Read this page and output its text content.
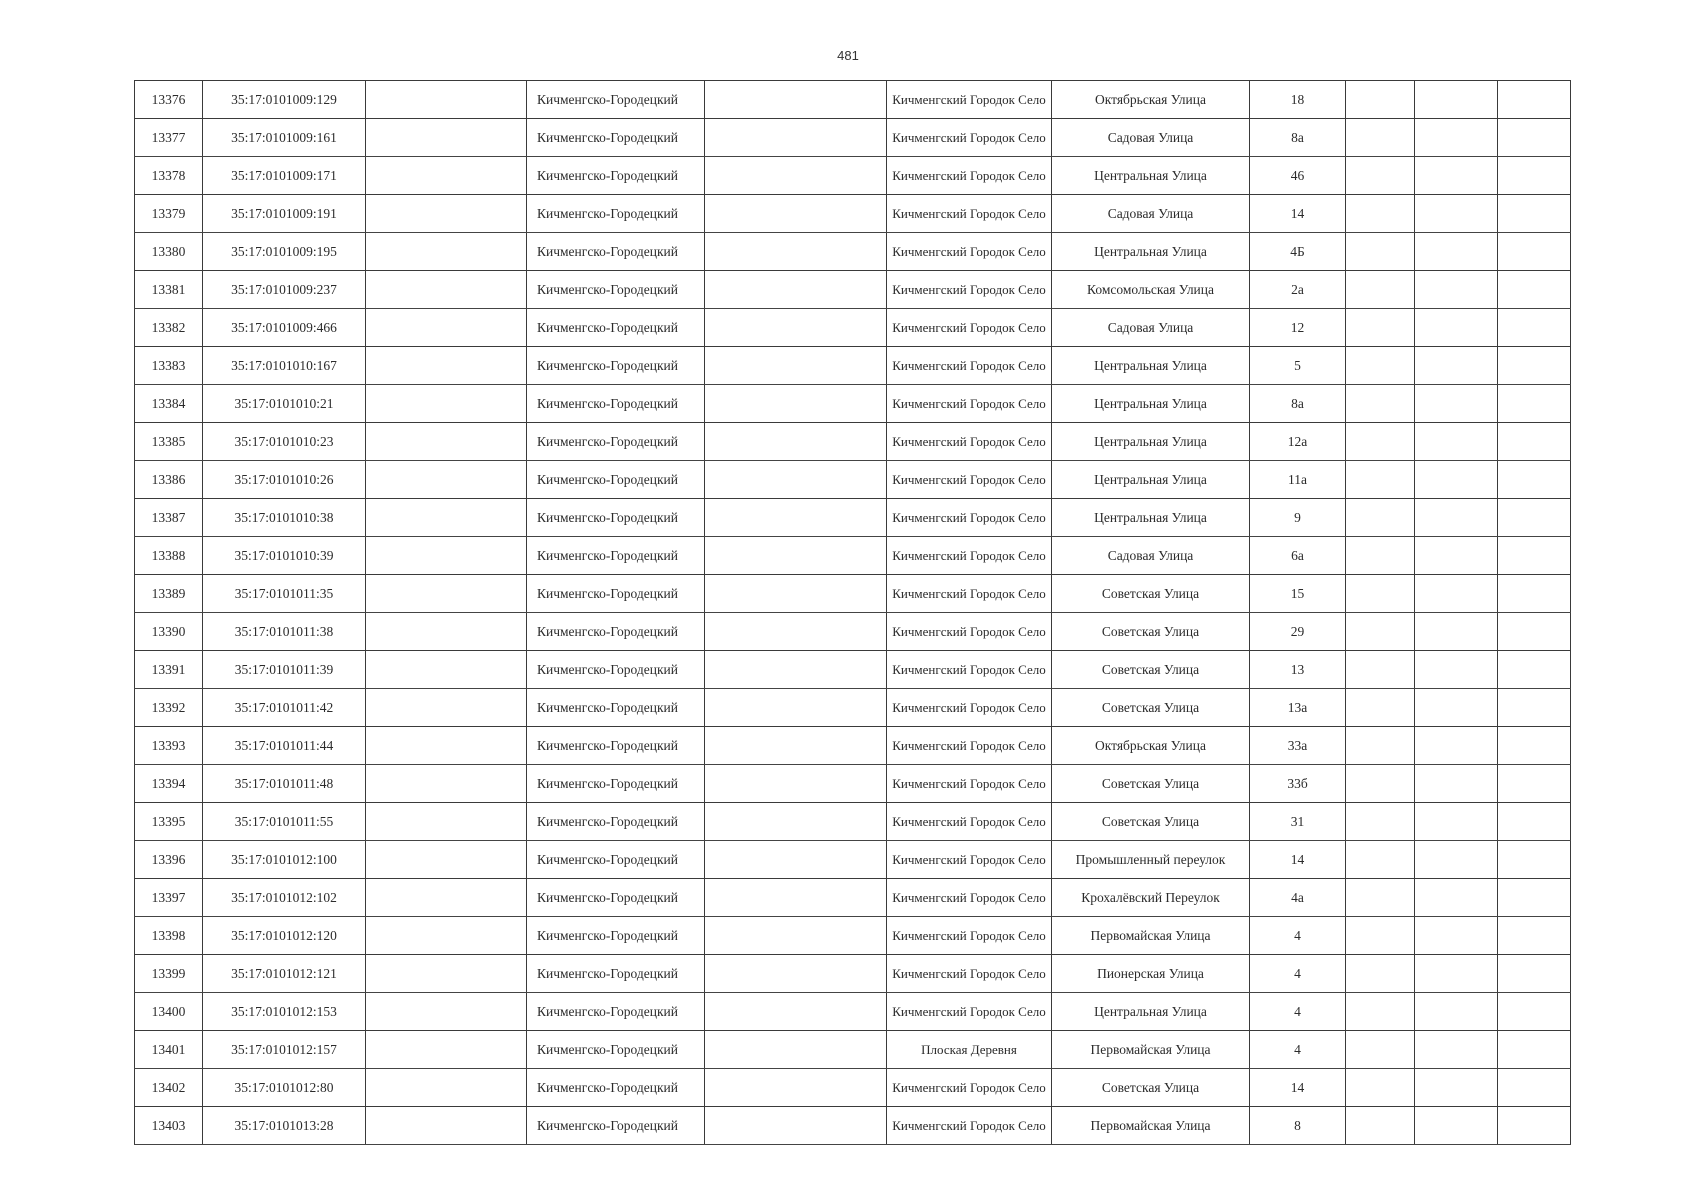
481
13376	35:17:0101009:129		Кичменгско-Городецкий		Кичменгский Городок Село	Октябрьская Улица	18			
13377	35:17:0101009:161		Кичменгско-Городецкий		Кичменгский Городок Село	Садовая Улица	8а			
13378	35:17:0101009:171		Кичменгско-Городецкий		Кичменгский Городок Село	Центральная Улица	46			
13379	35:17:0101009:191		Кичменгско-Городецкий		Кичменгский Городок Село	Садовая Улица	14			
13380	35:17:0101009:195		Кичменгско-Городецкий		Кичменгский Городок Село	Центральная Улица	4Б			
13381	35:17:0101009:237		Кичменгско-Городецкий		Кичменгский Городок Село	Комсомольская Улица	2а			
13382	35:17:0101009:466		Кичменгско-Городецкий		Кичменгский Городок Село	Садовая Улица	12			
13383	35:17:0101010:167		Кичменгско-Городецкий		Кичменгский Городок Село	Центральная Улица	5			
13384	35:17:0101010:21		Кичменгско-Городецкий		Кичменгский Городок Село	Центральная Улица	8а			
13385	35:17:0101010:23		Кичменгско-Городецкий		Кичменгский Городок Село	Центральная Улица	12а			
13386	35:17:0101010:26		Кичменгско-Городецкий		Кичменгский Городок Село	Центральная Улица	11а			
13387	35:17:0101010:38		Кичменгско-Городецкий		Кичменгский Городок Село	Центральная Улица	9			
13388	35:17:0101010:39		Кичменгско-Городецкий		Кичменгский Городок Село	Садовая Улица	6а			
13389	35:17:0101011:35		Кичменгско-Городецкий		Кичменгский Городок Село	Советская Улица	15			
13390	35:17:0101011:38		Кичменгско-Городецкий		Кичменгский Городок Село	Советская Улица	29			
13391	35:17:0101011:39		Кичменгско-Городецкий		Кичменгский Городок Село	Советская Улица	13			
13392	35:17:0101011:42		Кичменгско-Городецкий		Кичменгский Городок Село	Советская Улица	13а			
13393	35:17:0101011:44		Кичменгско-Городецкий		Кичменгский Городок Село	Октябрьская Улица	33а			
13394	35:17:0101011:48		Кичменгско-Городецкий		Кичменгский Городок Село	Советская Улица	33б			
13395	35:17:0101011:55		Кичменгско-Городецкий		Кичменгский Городок Село	Советская Улица	31			
13396	35:17:0101012:100		Кичменгско-Городецкий		Кичменгский Городок Село	Промышленный переулок	14			
13397	35:17:0101012:102		Кичменгско-Городецкий		Кичменгский Городок Село	Крохалёвский Переулок	4а			
13398	35:17:0101012:120		Кичменгско-Городецкий		Кичменгский Городок Село	Первомайская Улица	4			
13399	35:17:0101012:121		Кичменгско-Городецкий		Кичменгский Городок Село	Пионерская Улица	4			
13400	35:17:0101012:153		Кичменгско-Городецкий		Кичменгский Городок Село	Центральная Улица	4			
13401	35:17:0101012:157		Кичменгско-Городецкий		Плоская Деревня	Первомайская Улица	4			
13402	35:17:0101012:80		Кичменгско-Городецкий		Кичменгский Городок Село	Советская Улица	14			
13403	35:17:0101013:28		Кичменгско-Городецкий		Кичменгский Городок Село	Первомайская Улица	8			
